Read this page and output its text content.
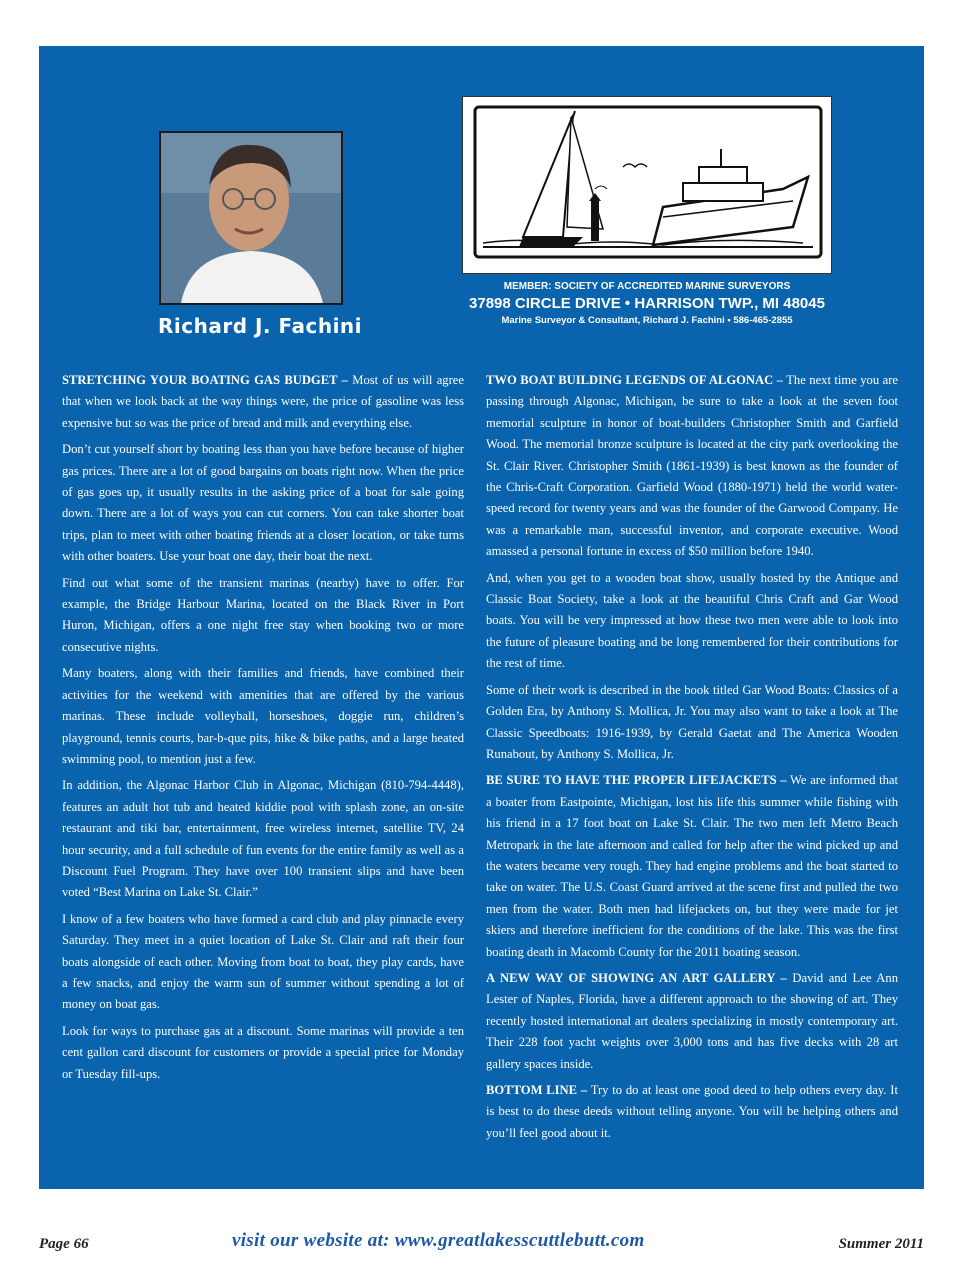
Richard J. Fachini
MEMBER: SOCIETY OF ACCREDITED MARINE SURVEYORS
37898 CIRCLE DRIVE • HARRISON TWP., MI 48045
Marine Surveyor & Consultant, Richard J. Fachini • 586-465-2855

STRETCHING YOUR BOATING GAS BUDGET – Most of us will agree that when we look back at the way things were, the price of gasoline was less expensive but so was the price of bread and milk and everything else.

Don’t cut yourself short by boating less than you have before because of higher gas prices. There are a lot of good bargains on boats right now. When the price of gas goes up, it usually results in the asking price of a boat for sale going down. There are a lot of ways you can cut corners. You can take shorter boat trips, plan to meet with other boating friends at a closer location, or take turns with other boaters. Use your boat one day, their boat the next.

Find out what some of the transient marinas (nearby) have to offer. For example, the Bridge Harbour Marina, located on the Black River in Port Huron, Michigan, offers a one night free stay when booking two or more consecutive nights.

Many boaters, along with their families and friends, have combined their activities for the weekend with amenities that are offered by the various marinas. These include volleyball, horseshoes, doggie run, children’s playground, tennis courts, bar-b-que pits, hike & bike paths, and a large heated swimming pool, to mention just a few.

In addition, the Algonac Harbor Club in Algonac, Michigan (810-794-4448), features an adult hot tub and heated kiddie pool with splash zone, an on-site restaurant and tiki bar, entertainment, free wireless internet, satellite TV, 24 hour security, and a full schedule of fun events for the entire family as well as a Discount Fuel Program. They have over 100 transient slips and have been voted “Best Marina on Lake St. Clair.”

I know of a few boaters who have formed a card club and play pinnacle every Saturday. They meet in a quiet location of Lake St. Clair and raft their four boats alongside of each other. Moving from boat to boat, they play cards, have a few snacks, and enjoy the warm sun of summer without spending a lot of money on boat gas.

Look for ways to purchase gas at a discount. Some marinas will provide a ten cent gallon card discount for customers or provide a special price for Monday or Tuesday fill-ups.

TWO BOAT BUILDING LEGENDS OF ALGONAC – The next time you are passing through Algonac, Michigan, be sure to take a look at the seven foot memorial sculpture in honor of boat-builders Christopher Smith and Garfield Wood. The memorial bronze sculpture is located at the city park overlooking the St. Clair River. Christopher Smith (1861-1939) is best known as the founder of the Chris-Craft Corporation. Garfield Wood (1880-1971) held the world water-speed record for twenty years and was the founder of the Garwood Company. He was a remarkable man, successful inventor, and corporate executive. Wood amassed a personal fortune in excess of $50 million before 1940.

And, when you get to a wooden boat show, usually hosted by the Antique and Classic Boat Society, take a look at the beautiful Chris Craft and Gar Wood boats. You will be very impressed at how these two men were able to look into the future of pleasure boating and be long remembered for their contributions for the rest of time.

Some of their work is described in the book titled Gar Wood Boats: Classics of a Golden Era, by Anthony S. Mollica, Jr. You may also want to take a look at The Classic Speedboats: 1916-1939, by Gerald Gaetat and The America Wooden Runabout, by Anthony S. Mollica, Jr.

BE SURE TO HAVE THE PROPER LIFEJACKETS – We are informed that a boater from Eastpointe, Michigan, lost his life this summer while fishing with his friend in a 17 foot boat on Lake St. Clair. The two men left Metro Beach Metropark in the late afternoon and called for help after the wind picked up and the waters became very rough. They had engine problems and the boat started to take on water. The U.S. Coast Guard arrived at the scene first and pulled the two men from the water. Both men had lifejackets on, but they were made for jet skiers and therefore inefficient for the conditions of the lake. This was the first boating death in Macomb County for the 2011 boating season.

A NEW WAY OF SHOWING AN ART GALLERY – David and Lee Ann Lester of Naples, Florida, have a different approach to the showing of art. They recently hosted international art dealers specializing in mostly contemporary art. Their 228 foot yacht weights over 3,000 tons and has five decks with 28 art gallery spaces inside.

BOTTOM LINE – Try to do at least one good deed to help others every day. It is best to do these deeds without telling anyone. You will be helping others and you’ll feel good about it.

Page 66	visit our website at: www.greatlakesscuttlebutt.com	Summer 2011
